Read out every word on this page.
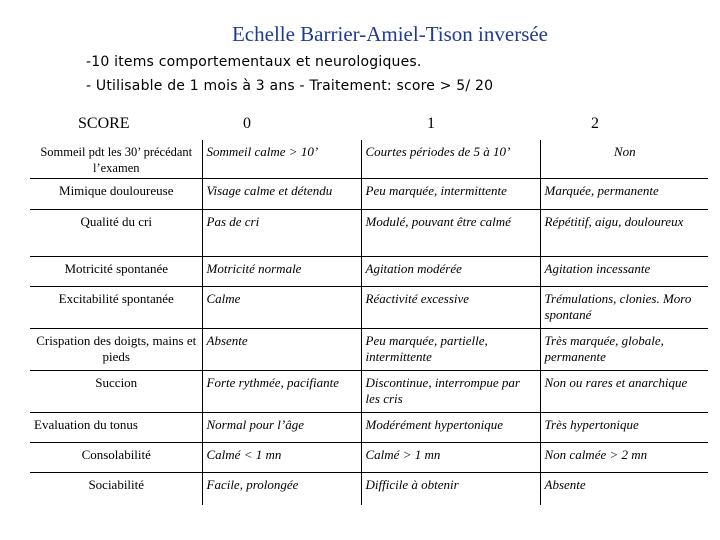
Echelle Barrier-Amiel-Tison inversée
-10 items comportementaux et neurologiques.
- Utilisable de 1 mois à 3 ans - Traitement: score > 5/ 20
SCORE	0	1	2
Sommeil pdt les 30’ précédant l’examen	Sommeil calme > 10’	Courtes périodes de 5 à 10’	Non
Mimique douloureuse	Visage calme et détendu	Peu marquée, intermittente	Marquée, permanente
Qualité du cri	Pas de cri	Modulé, pouvant être calmé	Répétitif, aigu, douloureux
Motricité spontanée	Motricité normale	Agitation modérée	Agitation incessante
Excitabilité spontanée	Calme	Réactivité excessive	Trémulations, clonies. Moro spontané
Crispation des doigts, mains et pieds	Absente	Peu marquée, partielle, intermittente	Très marquée, globale, permanente
Succion	Forte rythmée, pacifiante	Discontinue, interrompue par les cris	Non ou rares et anarchique
Evaluation du tonus	Normal pour l’âge	Modérément hypertonique	Très hypertonique
Consolabilité	Calmé < 1 mn	Calmé > 1 mn	Non calmée > 2 mn
Sociabilité	Facile, prolongée	Difficile à obtenir	Absente
